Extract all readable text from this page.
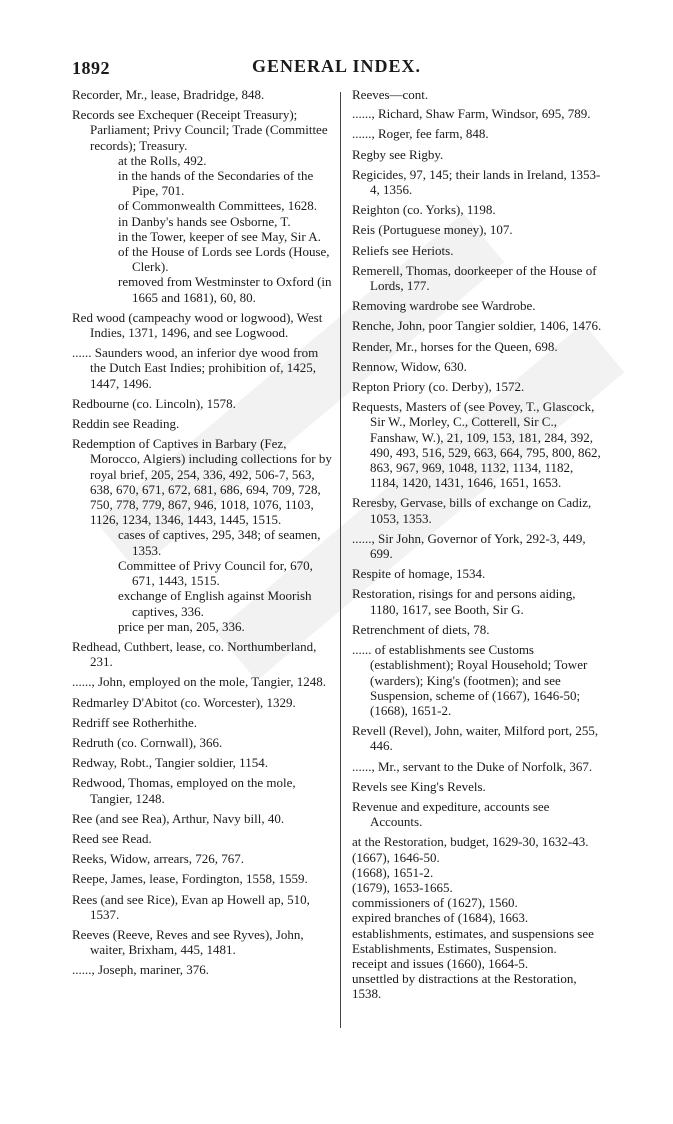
1892	GENERAL INDEX.
Recorder, Mr., lease, Bradridge, 848.
Records see Exchequer (Receipt Treasury); Parliament; Privy Council; Trade (Committee records); Treasury.
at the Rolls, 492.
in the hands of the Secondaries of the Pipe, 701.
of Commonwealth Committees, 1628.
in Danby's hands see Osborne, T.
in the Tower, keeper of see May, Sir A.
of the House of Lords see Lords (House, Clerk).
removed from Westminster to Oxford (in 1665 and 1681), 60, 80.
Red wood (campeachy wood or logwood), West Indies, 1371, 1496, and see Logwood.
...... Saunders wood, an inferior dye wood from the Dutch East Indies; prohibition of, 1425, 1447, 1496.
Redbourne (co. Lincoln), 1578.
Reddin see Reading.
Redemption of Captives in Barbary (Fez, Morocco, Algiers) including collections for by royal brief, 205, 254, 336, 492, 506-7, 563, 638, 670, 671, 672, 681, 686, 694, 709, 728, 750, 778, 779, 867, 946, 1018, 1076, 1103, 1126, 1234, 1346, 1443, 1445, 1515.
cases of captives, 295, 348; of seamen, 1353.
Committee of Privy Council for, 670, 671, 1443, 1515.
exchange of English against Moorish captives, 336.
price per man, 205, 336.
Redhead, Cuthbert, lease, co. Northumberland, 231.
......, John, employed on the mole, Tangier, 1248.
Redmarley D'Abitot (co. Worcester), 1329.
Redriff see Rotherhithe.
Redruth (co. Cornwall), 366.
Redway, Robt., Tangier soldier, 1154.
Redwood, Thomas, employed on the mole, Tangier, 1248.
Ree (and see Rea), Arthur, Navy bill, 40.
Reed see Read.
Reeks, Widow, arrears, 726, 767.
Reepe, James, lease, Fordington, 1558, 1559.
Rees (and see Rice), Evan ap Howell ap, 510, 1537.
Reeves (Reeve, Reves and see Ryves), John, waiter, Brixham, 445, 1481.
......, Joseph, mariner, 376.
Reeves—cont.
......, Richard, Shaw Farm, Windsor, 695, 789.
......, Roger, fee farm, 848.
Regby see Rigby.
Regicides, 97, 145; their lands in Ireland, 1353-4, 1356.
Reighton (co. Yorks), 1198.
Reis (Portuguese money), 107.
Reliefs see Heriots.
Remerell, Thomas, doorkeeper of the House of Lords, 177.
Removing wardrobe see Wardrobe.
Renche, John, poor Tangier soldier, 1406, 1476.
Render, Mr., horses for the Queen, 698.
Rennow, Widow, 630.
Repton Priory (co. Derby), 1572.
Requests, Masters of (see Povey, T., Glascock, Sir W., Morley, C., Cotterell, Sir C., Fanshaw, W.), 21, 109, 153, 181, 284, 392, 490, 493, 516, 529, 663, 664, 795, 800, 862, 863, 967, 969, 1048, 1132, 1134, 1182, 1184, 1420, 1431, 1646, 1651, 1653.
Reresby, Gervase, bills of exchange on Cadiz, 1053, 1353.
......, Sir John, Governor of York, 292-3, 449, 699.
Respite of homage, 1534.
Restoration, risings for and persons aiding, 1180, 1617, see Booth, Sir G.
Retrenchment of diets, 78.
...... of establishments see Customs (establishment); Royal Household; Tower (warders); King's (footmen); and see Suspension, scheme of (1667), 1646-50; (1668), 1651-2.
Revell (Revel), John, waiter, Milford port, 255, 446.
......, Mr., servant to the Duke of Norfolk, 367.
Revels see King's Revels.
Revenue and expediture, accounts see Accounts.
at the Restoration, budget, 1629-30, 1632-43.
(1667), 1646-50.
(1668), 1651-2.
(1679), 1653-1665.
commissioners of (1627), 1560.
expired branches of (1684), 1663.
establishments, estimates, and suspensions see Establishments, Estimates, Suspension.
receipt and issues (1660), 1664-5.
unsettled by distractions at the Restoration, 1538.
